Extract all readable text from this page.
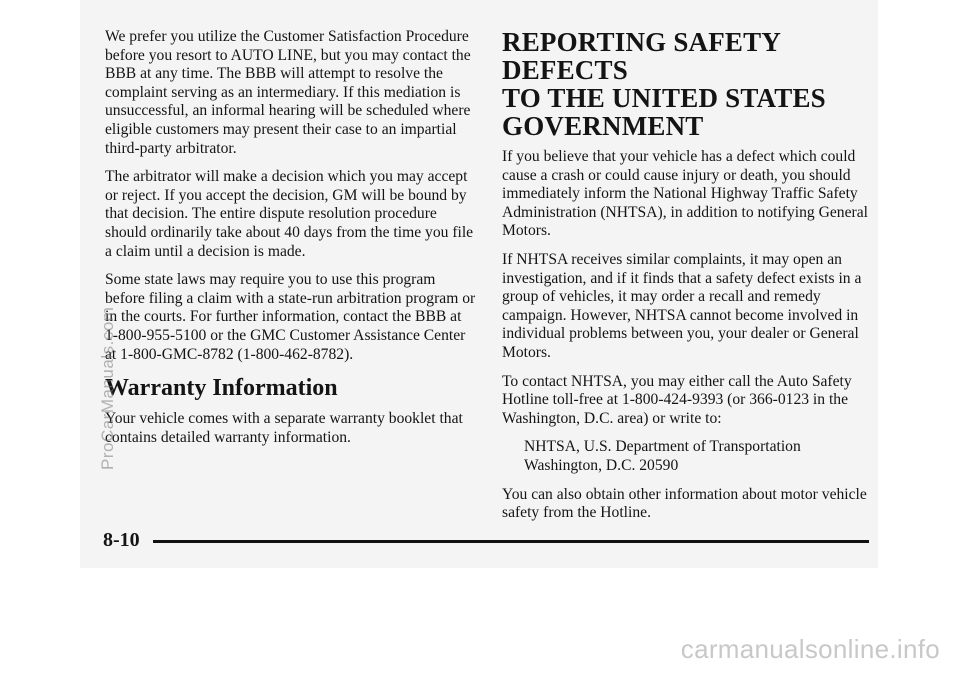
We prefer you utilize the Customer Satisfaction Procedure before you resort to AUTO LINE, but you may contact the BBB at any time. The BBB will attempt to resolve the complaint serving as an intermediary. If this mediation is unsuccessful, an informal hearing will be scheduled where eligible customers may present their case to an impartial third-party arbitrator.

The arbitrator will make a decision which you may accept or reject. If you accept the decision, GM will be bound by that decision. The entire dispute resolution procedure should ordinarily take about 40 days from the time you file a claim until a decision is made.

Some state laws may require you to use this program before filing a claim with a state-run arbitration program or in the courts. For further information, contact the BBB at 1-800-955-5100 or the GMC Customer Assistance Center at 1-800-GMC-8782 (1-800-462-8782).

Warranty Information

Your vehicle comes with a separate warranty booklet that contains detailed warranty information.

REPORTING SAFETY DEFECTS
TO THE UNITED STATES
GOVERNMENT

If you believe that your vehicle has a defect which could cause a crash or could cause injury or death, you should immediately inform the National Highway Traffic Safety Administration (NHTSA), in addition to notifying General Motors.

If NHTSA receives similar complaints, it may open an investigation, and if it finds that a safety defect exists in a group of vehicles, it may order a recall and remedy campaign. However, NHTSA cannot become involved in individual problems between you, your dealer or General Motors.

To contact NHTSA, you may either call the Auto Safety Hotline toll-free at 1-800-424-9393 (or 366-0123 in the Washington, D.C. area) or write to:

NHTSA, U.S. Department of Transportation
Washington, D.C. 20590

You can also obtain other information about motor vehicle safety from the Hotline.

8-10
ProCarManuals.com
carmanualsonline.info
